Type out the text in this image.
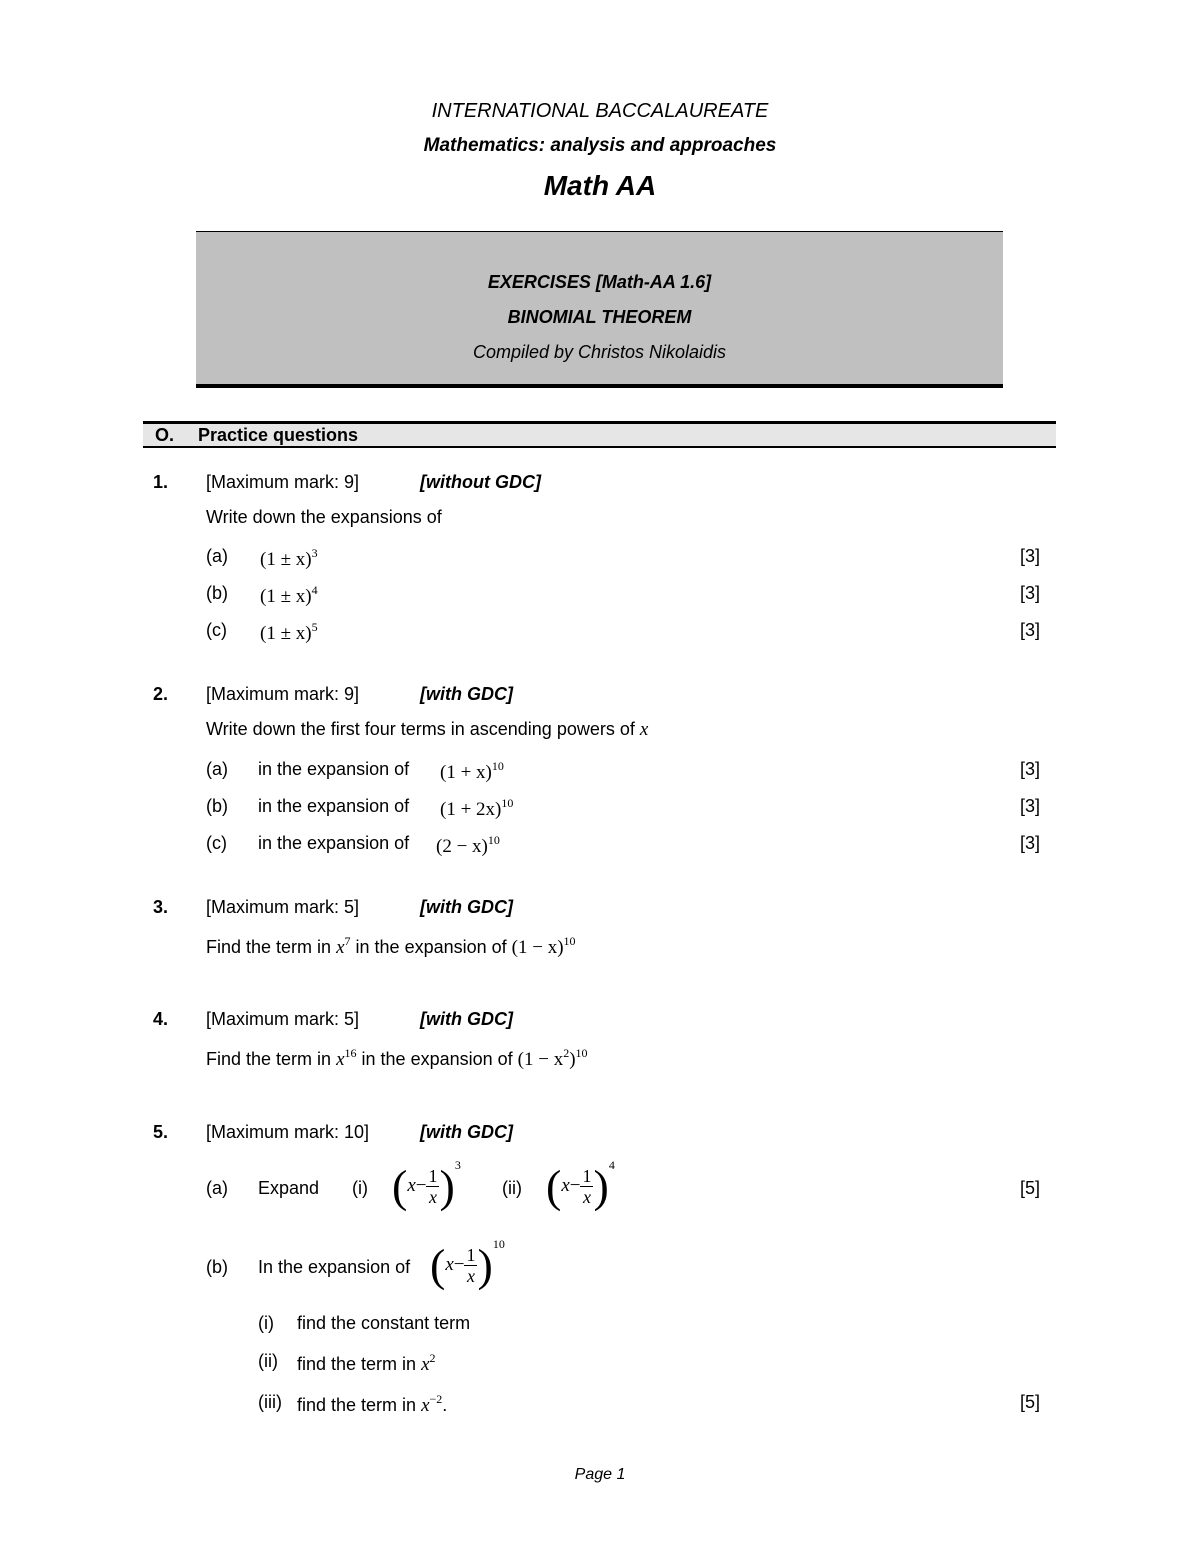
INTERNATIONAL BACCALAUREATE
Mathematics: analysis and approaches
Math AA
EXERCISES [Math-AA 1.6]
BINOMIAL THEOREM
Compiled by Christos Nikolaidis
O. Practice questions
1. [Maximum mark: 9]	[without GDC]
Write down the expansions of
(a) $(1 \pm x)^3$	[3]
(b) $(1 \pm x)^4$	[3]
(c) $(1 \pm x)^5$	[3]
2. [Maximum mark: 9]	[with GDC]
Write down the first four terms in ascending powers of x
(a) in the expansion of $(1 + x)^{10}$	[3]
(b) in the expansion of $(1 + 2x)^{10}$	[3]
(c) in the expansion of $(2 - x)^{10}$	[3]
3. [Maximum mark: 5]	[with GDC]
Find the term in $x^7$ in the expansion of $(1 - x)^{10}$
4. [Maximum mark: 5]	[with GDC]
Find the term in $x^{16}$ in the expansion of $(1 - x^2)^{10}$
5. [Maximum mark: 10]	[with GDC]
(a) Expand (i) $(x- \frac{1}{x} )^3$
(ii) $(x- \frac{1}{x} )^4$
[5]
(b) In the expansion of $(x- \frac{1}{x} )^{10}$
(i) find the constant term
(ii) find the term in $x^2$
(iii) find the term in $x^{-2}$.	[5]
Page 1
